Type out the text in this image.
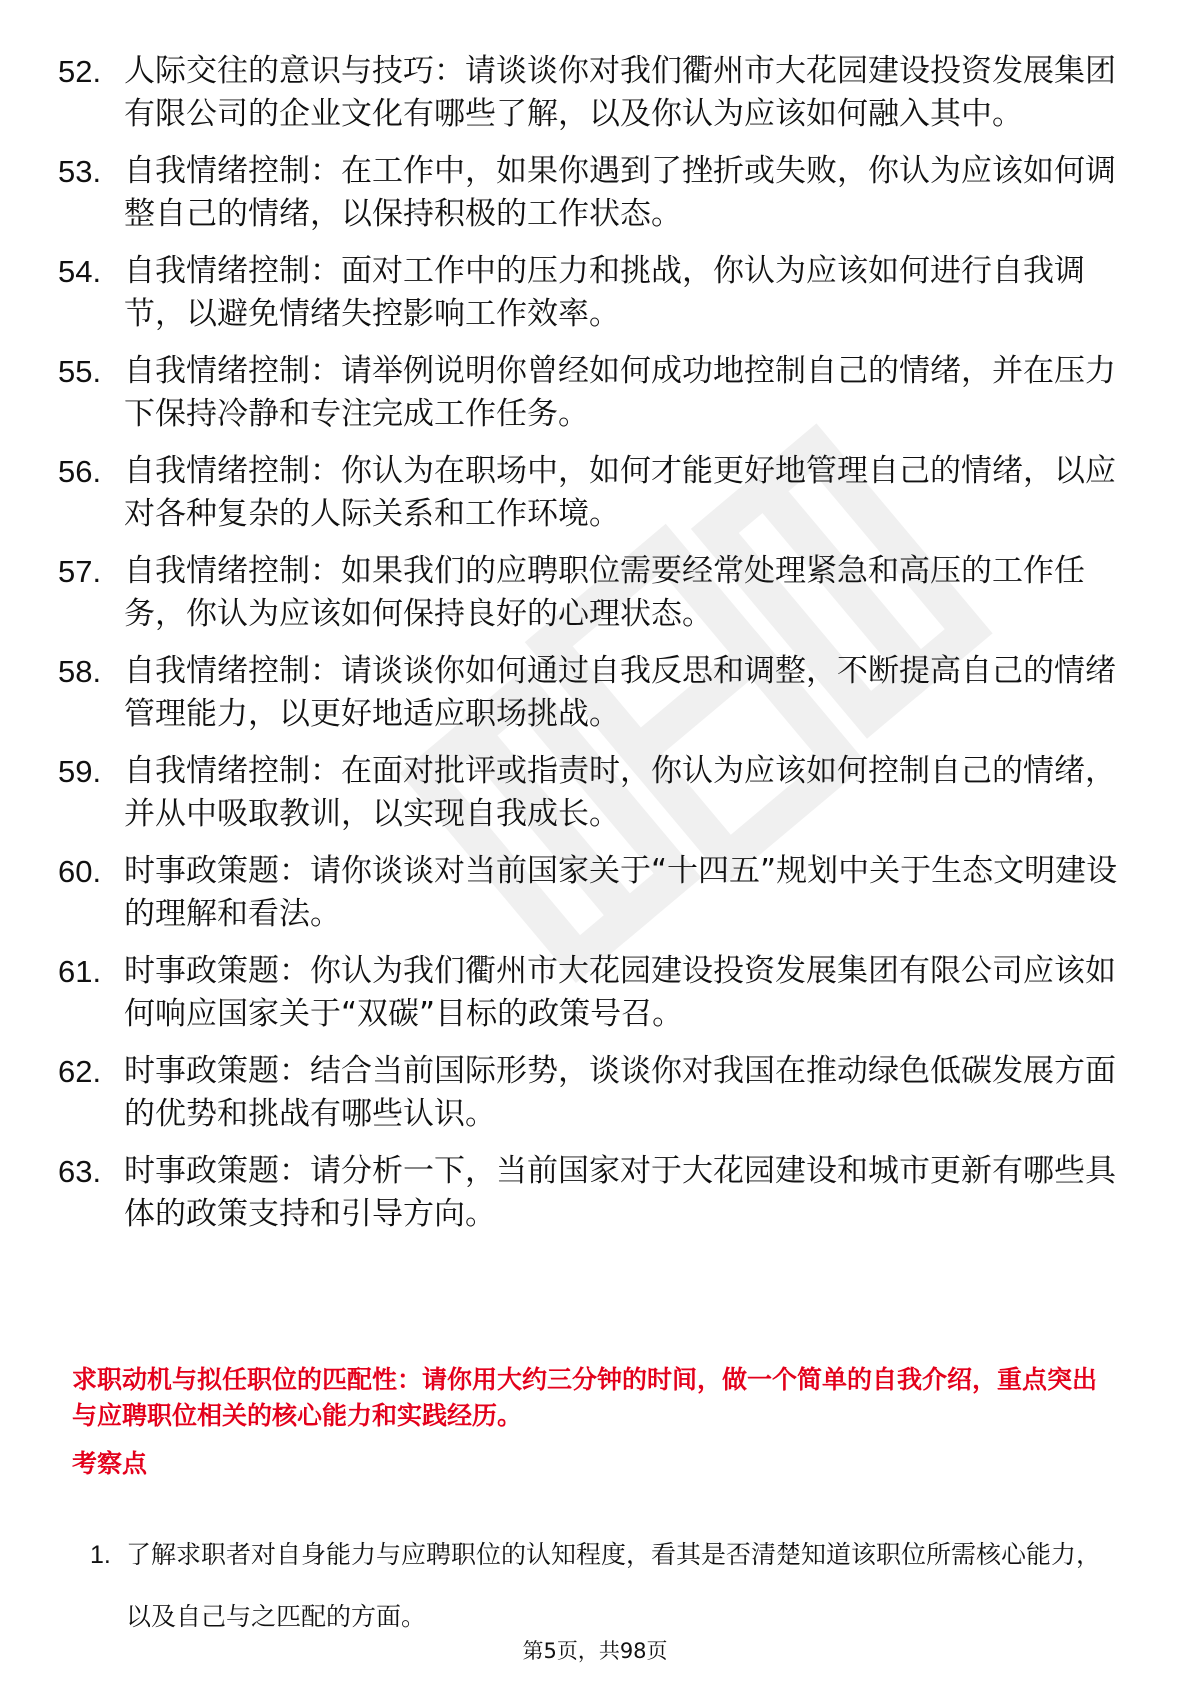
52. 人际交往的意识与技巧：请谈谈你对我们衢州市大花园建设投资发展集团有限公司的企业文化有哪些了解，以及你认为应该如何融入其中。
53. 自我情绪控制：在工作中，如果你遇到了挫折或失败，你认为应该如何调整自己的情绪，以保持积极的工作状态。
54. 自我情绪控制：面对工作中的压力和挑战，你认为应该如何进行自我调节，以避免情绪失控影响工作效率。
55. 自我情绪控制：请举例说明你曾经如何成功地控制自己的情绪，并在压力下保持冷静和专注完成工作任务。
56. 自我情绪控制：你认为在职场中，如何才能更好地管理自己的情绪，以应对各种复杂的人际关系和工作环境。
57. 自我情绪控制：如果我们的应聘职位需要经常处理紧急和高压的工作任务，你认为应该如何保持良好的心理状态。
58. 自我情绪控制：请谈谈你如何通过自我反思和调整，不断提高自己的情绪管理能力，以更好地适应职场挑战。
59. 自我情绪控制：在面对批评或指责时，你认为应该如何控制自己的情绪，并从中吸取教训，以实现自我成长。
60. 时事政策题：请你谈谈对当前国家关于“十四五”规划中关于生态文明建设的理解和看法。
61. 时事政策题：你认为我们衢州市大花园建设投资发展集团有限公司应该如何响应国家关于“双碳”目标的政策号召。
62. 时事政策题：结合当前国际形势，谈谈你对我国在推动绿色低碳发展方面的优势和挑战有哪些认识。
63. 时事政策题：请分析一下，当前国家对于大花园建设和城市更新有哪些具体的政策支持和引导方向。

求职动机与拟任职位的匹配性：请你用大约三分钟的时间，做一个简单的自我介绍，重点突出与应聘职位相关的核心能力和实践经历。

考察点
1. 了解求职者对自身能力与应聘职位的认知程度，看其是否清楚知道该职位所需核心能力，以及自己与之匹配的方面。
第5页，共98页
